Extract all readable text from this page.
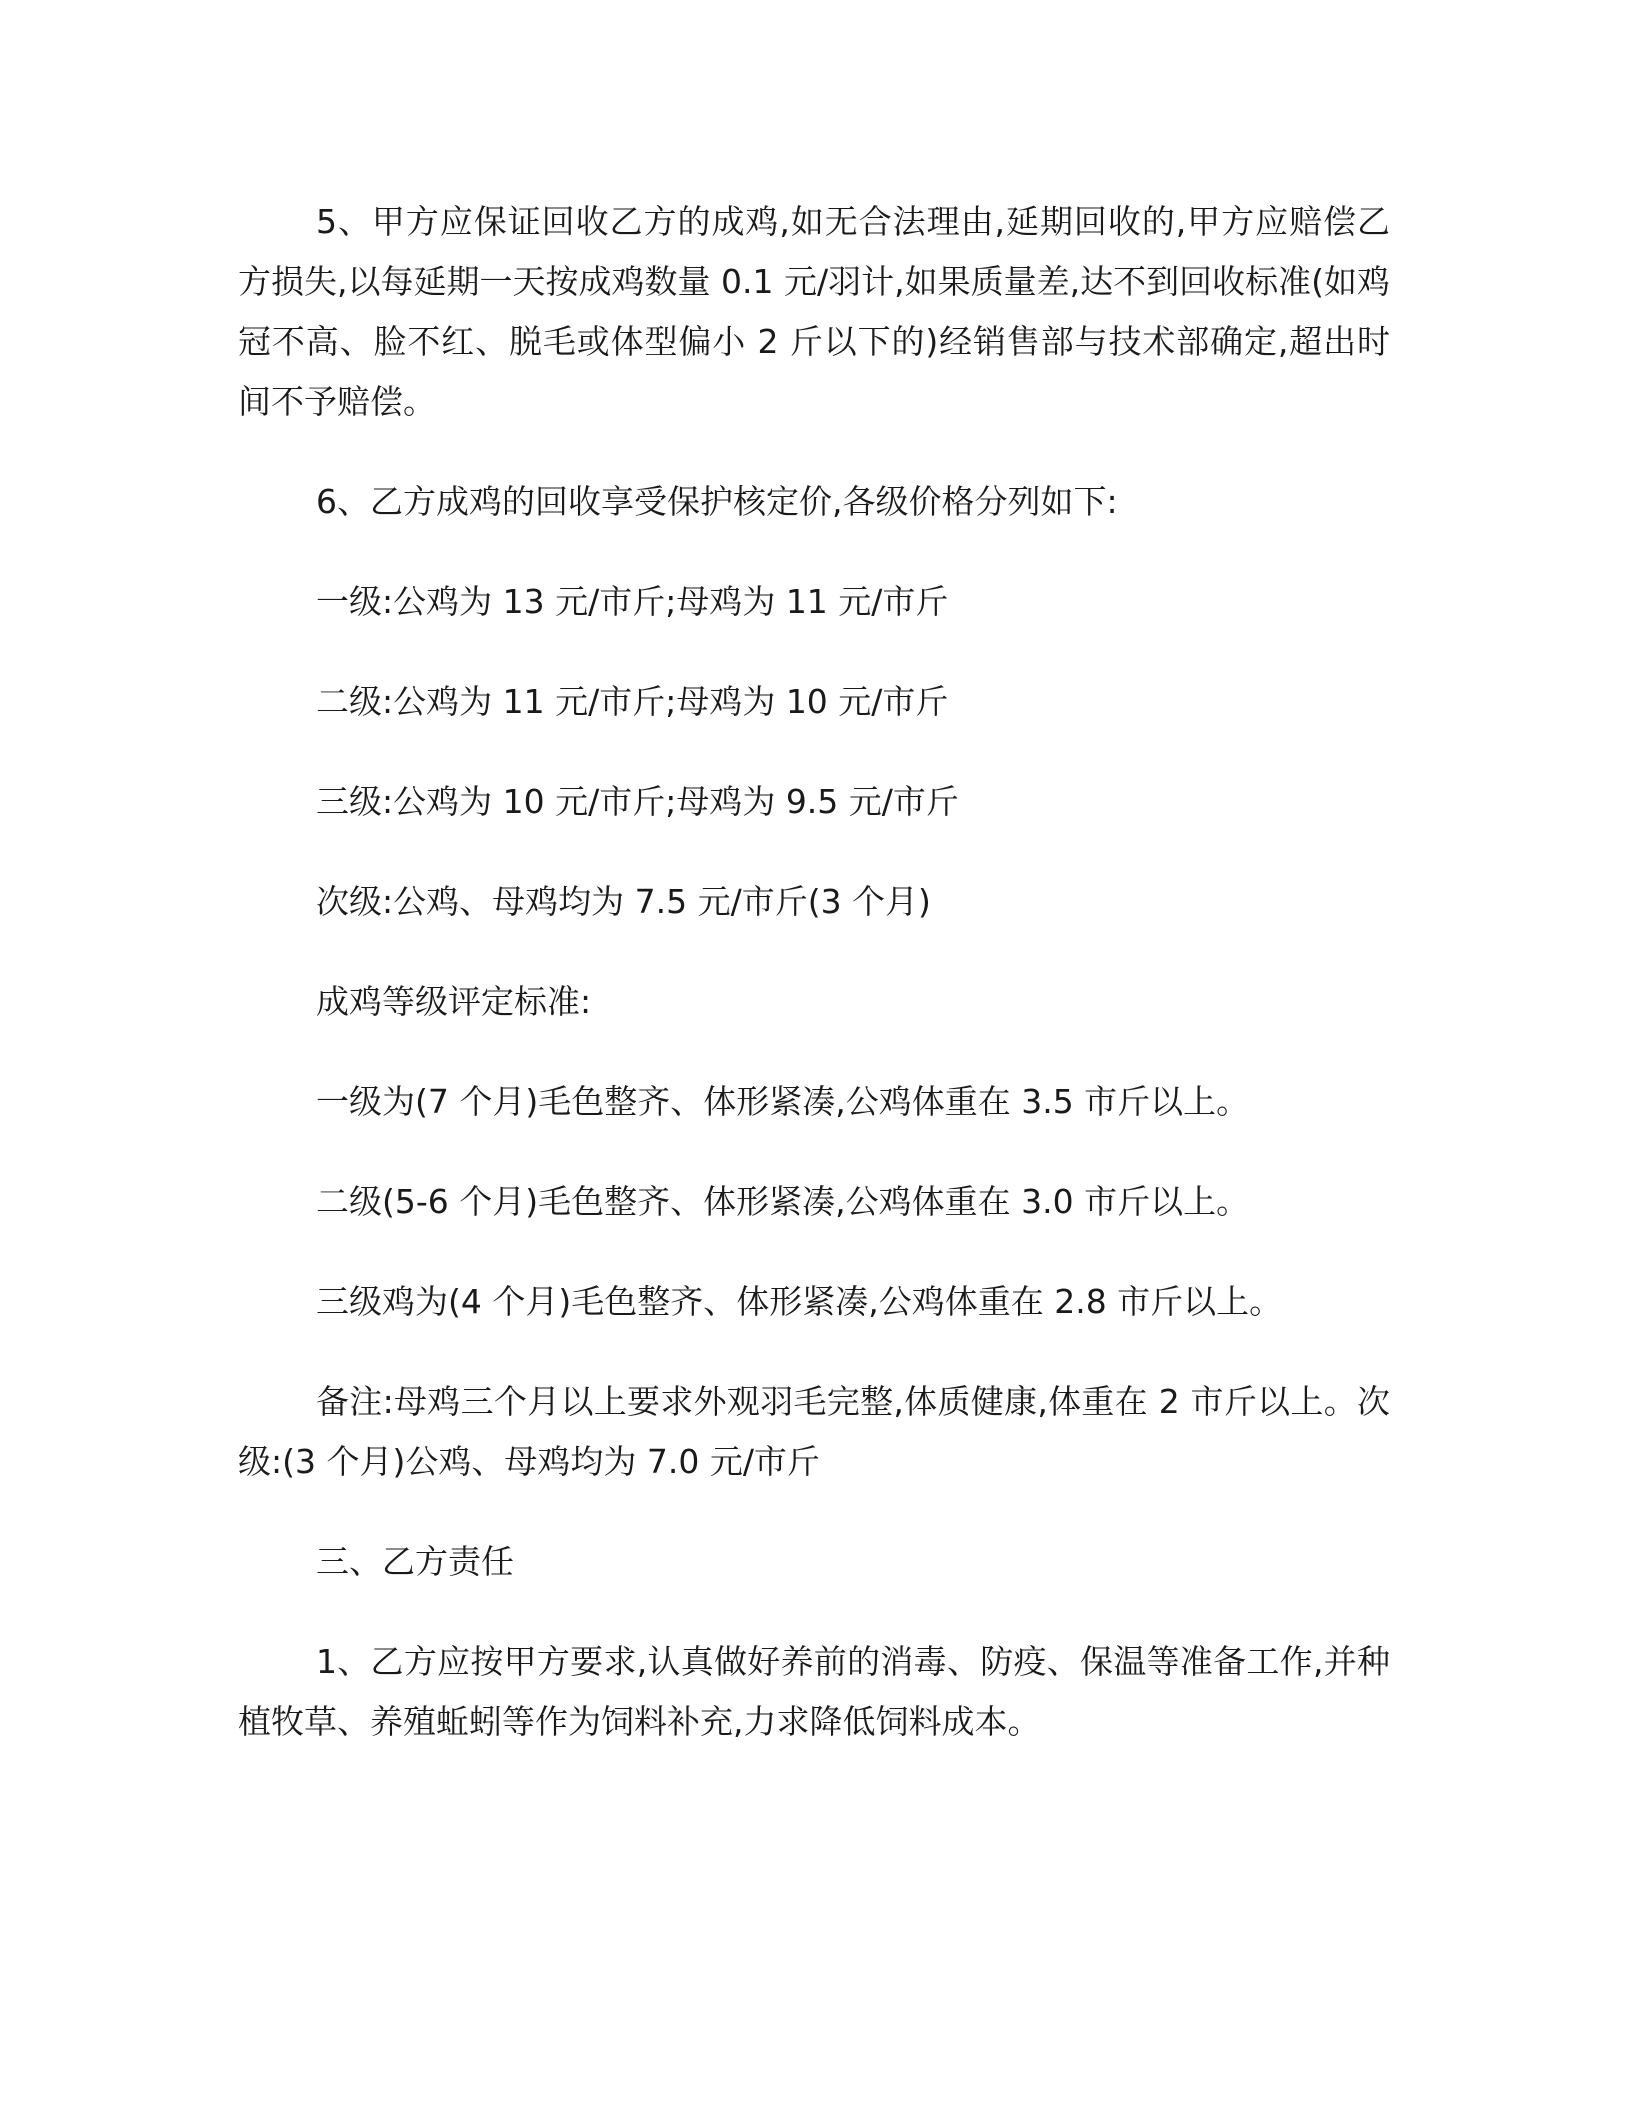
5、甲方应保证回收乙方的成鸡,如无合法理由,延期回收的,甲方应赔偿乙方损失,以每延期一天按成鸡数量 0.1 元/羽计,如果质量差,达不到回收标准(如鸡冠不高、脸不红、脱毛或体型偏小 2 斤以下的)经销售部与技术部确定,超出时间不予赔偿。

6、乙方成鸡的回收享受保护核定价,各级价格分列如下:

一级:公鸡为 13 元/市斤;母鸡为 11 元/市斤

二级:公鸡为 11 元/市斤;母鸡为 10 元/市斤

三级:公鸡为 10 元/市斤;母鸡为 9.5 元/市斤

次级:公鸡、母鸡均为 7.5 元/市斤(3 个月)

成鸡等级评定标准:

一级为(7 个月)毛色整齐、体形紧凑,公鸡体重在 3.5 市斤以上。

二级(5-6 个月)毛色整齐、体形紧凑,公鸡体重在 3.0 市斤以上。

三级鸡为(4 个月)毛色整齐、体形紧凑,公鸡体重在 2.8 市斤以上。

备注:母鸡三个月以上要求外观羽毛完整,体质健康,体重在 2 市斤以上。次级:(3 个月)公鸡、母鸡均为 7.0 元/市斤

三、乙方责任

1、乙方应按甲方要求,认真做好养前的消毒、防疫、保温等准备工作,并种植牧草、养殖蚯蚓等作为饲料补充,力求降低饲料成本。
